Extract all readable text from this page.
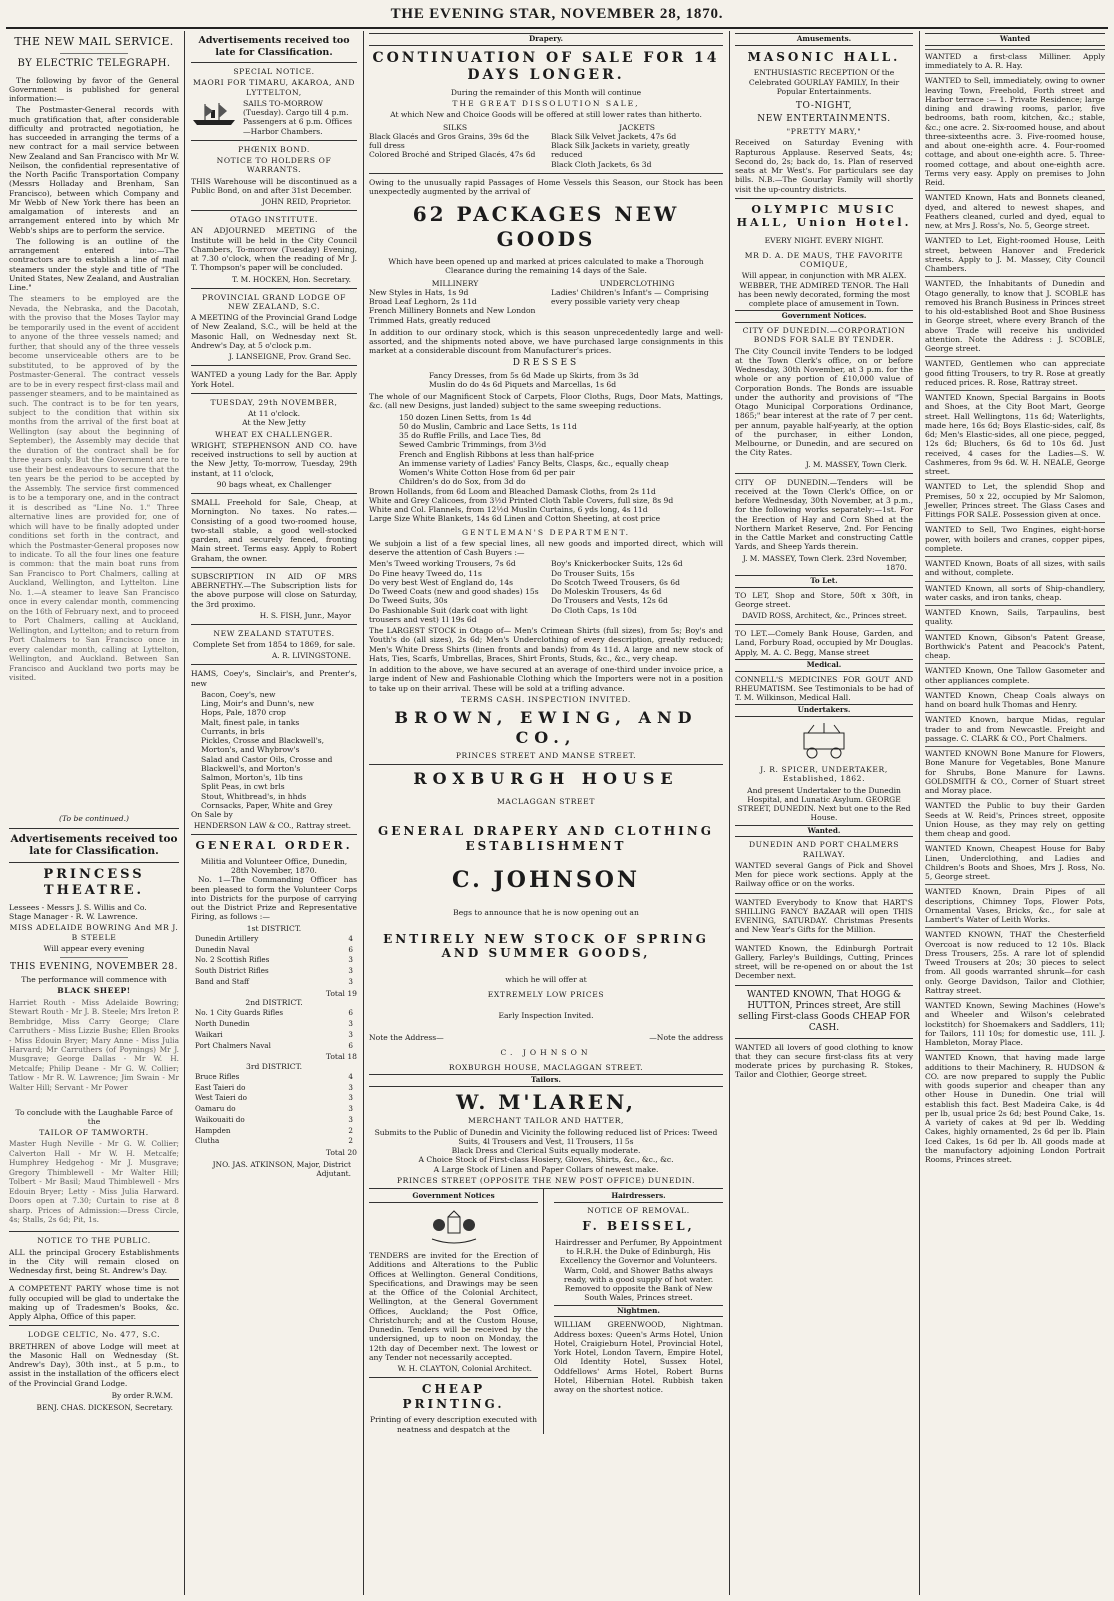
THE EVENING STAR, NOVEMBER 28, 1870.
THE NEW MAIL SERVICE.
BY ELECTRIC TELEGRAPH.

The following by favor of the General Government is published for general information:—

The Postmaster-General records with much gratification that, after considerable difficulty and protracted negotiation, he has succeeded in arranging the terms of a new contract for a mail service between New Zealand and San Francisco with Mr W. Neilson, the confidential representative of the North Pacific Transportation Company (Messrs Holladay and Brenham, San Francisco), between which Company and Mr Webb of New York there has been an amalgamation of interests and an arrangement entered into by which Mr Webb's ships are to perform the service.

The following is an outline of the arrangement entered into:—The contractors are to establish a line of mail steamers under the style and title of "The United States, New Zealand, and Australian Line."

The steamers to be employed are the Nevada, the Nebraska, and the Dacotah, with the proviso that the Moses Taylor may be temporarily used in the event of accident to anyone of the three vessels named; and further, that should any of the three vessels become unserviceable others are to be substituted, to be approved of by the Postmaster-General. The contract vessels are to be in every respect first-class mail and passenger steamers, and to be maintained as such. The contract is to be for ten years, subject to the condition that within six months from the arrival of the first boat at Wellington (say about the beginning of September), the Assembly may decide that the duration of the contract shall be for three years only. But the Government are to use their best endeavours to secure that the ten years be the period to be accepted by the Assembly. The service first commenced is to be a temporary one, and in the contract it is described as "Line No. 1." Three alternative lines are provided for, one of which will have to be finally adopted under conditions set forth in the contract, and which the Postmaster-General proposes now to indicate. To all the four lines one feature is common: that the main boat runs from San Francisco to Port Chalmers, calling at Auckland, Wellington, and Lyttelton. Line No. 1.—A steamer to leave San Francisco once in every calendar month, commencing on the 16th of February next, and to proceed to Port Chalmers, calling at Auckland, Wellington, and Lyttelton; and to return from Port Chalmers to San Francisco once in every calendar month, calling at Lyttelton, Wellington, and Auckland. Between San Francisco and Auckland two ports may be visited.
(To be continued.)
Advertisements received too late for Classification.
PRINCESS THEATRE.
Lessees - Messrs J. S. Willis and Co.
Stage Manager - R. W. Lawrence.
MISS ADELAIDE BOWRING And MR J. B STEELE
Will appear every evening
THIS EVENING, NOVEMBER 28.
The performance will commence with
BLACK SHEEP!
Harriet Routh - Miss Adelaide Bowring; Stewart Routh - Mr J. B. Steele; Mrs Ireton P. Bembridge, Miss Carry George; Clare Carruthers - Miss Lizzie Bushe; Ellen Brooks - Miss Edouin Bryer; Mary Anne - Miss Julia Harvard; Mr Carruthers (of Poynings) Mr J. Musgrave; George Dallas - Mr W. H. Metcalfe; Philip Deane - Mr G. W. Collier; Tatlow - Mr R. W. Lawrence; Jim Swain - Mr Walter Hill; Servant - Mr Power
To conclude with the Laughable Farce of the
TAILOR OF TAMWORTH.
Master Hugh Neville - Mr G. W. Collier; Calverton Hall - Mr W. H. Metcalfe; Humphrey Hedgehog - Mr J. Musgrave; Gregory Thimblewell - Mr Walter Hill; Tolbert - Mr Basil; Maud Thimblewell - Mrs Edouin Bryer; Letty - Miss Julia Harward. Doors open at 7.30; Curtain to rise at 8 sharp. Prices of Admission:—Dress Circle, 4s; Stalls, 2s 6d; Pit, 1s.
NOTICE TO THE PUBLIC.

ALL the principal Grocery Establishments in the City will remain closed on Wednesday first, being St. Andrew's Day.

A COMPETENT PARTY whose time is not fully occupied will be glad to undertake the making up of Tradesmen's Books, &c. Apply Alpha, Office of this paper.

LODGE CELTIC, No. 477, S.C.

BRETHREN of above Lodge will meet at the Masonic Hall on Wednesday (St. Andrew's Day), 30th inst., at 5 p.m., to assist in the installation of the officers elect of the Provincial Grand Lodge.

By order R.W.M.
BENJ. CHAS. DICKESON, Secretary.
Advertisements received too late for Classification.
SPECIAL NOTICE.
MAORI FOR TIMARU, AKAROA, AND LYTTELTON,
SAILS TO-MORROW (Tuesday). Cargo till 4 p.m. Passengers at 6 p.m. Offices—Harbor Chambers.
PHŒNIX BOND.
NOTICE TO HOLDERS OF WARRANTS.

THIS Warehouse will be discontinued as a Public Bond, on and after 31st December.

JOHN REID, Proprietor.
OTAGO INSTITUTE.

AN ADJOURNED MEETING of the Institute will be held in the City Council Chambers, To-morrow (Tuesday) Evening, at 7.30 o'clock, when the reading of Mr J. T. Thompson's paper will be concluded.

T. M. HOCKEN, Hon. Secretary.
PROVINCIAL GRAND LODGE OF NEW ZEALAND, S.C.

A MEETING of the Provincial Grand Lodge of New Zealand, S.C., will be held at the Masonic Hall, on Wednesday next St. Andrew's Day, at 5 o'clock p.m.

J. LANSEIGNE, Prov. Grand Sec.

WANTED a young Lady for the Bar. Apply York Hotel.

TUESDAY, 29th NOVEMBER,
At 11 o'clock.
At the New Jetty
WHEAT EX CHALLENGER.

WRIGHT, STEPHENSON AND CO. have received instructions to sell by auction at the New Jetty, To-morrow, Tuesday, 29th instant, at 11 o'clock,

90 bags wheat, ex Challenger

SMALL Freehold for Sale, Cheap, at Mornington. No taxes. No rates.—Consisting of a good two-roomed house, two-stall stable, a good well-stocked garden, and securely fenced, fronting Main street. Terms easy. Apply to Robert Graham, the owner.

SUBSCRIPTION IN AID OF MRS ABERNETHY.—The Subscription lists for the above purpose will close on Saturday, the 3rd proximo.

H. S. FISH, Junr., Mayor
NEW ZEALAND STATUTES.
Complete Set from 1854 to 1869, for sale.
A. R. LIVINGSTONE.

HAMS, Coey's, Sinclair's, and Prenter's, new

Bacon, Coey's, new
Ling, Moir's and Dunn's, new
Hops, Pale, 1870 crop
Malt, finest pale, in tanks
Currants, in brls
Pickles, Crosse and Blackwell's, Morton's, and Whybrow's
Salad and Castor Oils, Crosse and Blackwell's, and Morton's
Salmon, Morton's, 1lb tins
Split Peas, in cwt brls
Stout, Whitbread's, in hhds
Cornsacks, Paper, White and Grey
On Sale by
HENDERSON LAW & CO., Rattray street.
GENERAL ORDER.
Militia and Volunteer Office, Dunedin, 28th November, 1870.

No. 1—The Commanding Officer has been pleased to form the Volunteer Corps into Districts for the purpose of carrying out the District Prize and Representative Firing, as follows :—

1st DISTRICT.
Dunedin Artillery	4
Dunedin Naval	6
No. 2 Scottish Rifles	3
South District Rifles	3
Band and Staff	3
Total 19
2nd DISTRICT.
No. 1 City Guards Rifles	6
North Dunedin	3
Waikari	3
Port Chalmers Naval	6
Total 18
3rd DISTRICT.
Bruce Rifles	4
East Taieri do	3
West Taieri do	3
Oamaru do	3
Waikouaiti do	3
Hampden	2
Clutha	2
Total 20
JNO. JAS. ATKINSON, Major, District Adjutant.
Drapery.
CONTINUATION OF SALE FOR 14 DAYS LONGER.
During the remainder of this Month will continue
THE GREAT DISSOLUTION SALE,
At which New and Choice Goods will be offered at still lower rates than hitherto.
SILKS
Black Glacés and Gros Grains, 39s 6d the full dress
Colored Broché and Striped Glacés, 47s 6d
JACKETS
Black Silk Velvet Jackets, 47s 6d
Black Silk Jackets in variety, greatly reduced
Black Cloth Jackets, 6s 3d

Owing to the unusually rapid Passages of Home Vessels this Season, our Stock has been unexpectedly augmented by the arrival of

62 PACKAGES NEW GOODS
Which have been opened up and marked at prices calculated to make a Thorough Clearance during the remaining 14 days of the Sale.
MILLINERY
New Styles in Hats, 1s 9d
Broad Leaf Leghorn, 2s 11d
French Millinery Bonnets and New London Trimmed Hats, greatly reduced
UNDERCLOTHING
Ladies' Children's Infant's — Comprising every possible variety very cheap

In addition to our ordinary stock, which is this season unprecedentedly large and well-assorted, and the shipments noted above, we have purchased large consignments in this market at a considerable discount from Manufacturer's prices.

DRESSES
Fancy Dresses, from 5s 6d Made up Skirts, from 3s 3d
Muslin do do 4s 6d Piquets and Marcellas, 1s 6d

The whole of our Magnificent Stock of Carpets, Floor Cloths, Rugs, Door Mats, Mattings, &c. (all new Designs, just landed) subject to the same sweeping reductions.

150 dozen Linen Setts, from 1s 4d
50 do Muslin, Cambric and Lace Setts, 1s 11d
35 do Ruffle Frills, and Lace Ties, 8d
Sewed Cambric Trimmings, from 3½d
French and English Ribbons at less than half-price
An immense variety of Ladies' Fancy Belts, Clasps, &c., equally cheap
Women's White Cotton Hose from 6d per pair
Children's do do Sox, from 3d do
Brown Hollands, from 6d Loom and Bleached Damask Cloths, from 2s 11d
White and Grey Calicoes, from 3½d Printed Cloth Table Covers, full size, 8s 9d
White and Col. Flannels, from 12½d Muslin Curtains, 6 yds long, 4s 11d
Large Size White Blankets, 14s 6d Linen and Cotton Sheeting, at cost price
GENTLEMAN'S DEPARTMENT.

We subjoin a list of a few special lines, all new goods and imported direct, which will deserve the attention of Cash Buyers :—

Men's Tweed working Trousers, 7s 6d
Do Fine heavy Tweed do, 11s
Do very best West of England do, 14s
Do Tweed Coats (new and good shades) 15s
Do Tweed Suits, 30s
Do Fashionable Suit (dark coat with light trousers and vest) 1l 19s 6d
Boy's Knickerbocker Suits, 12s 6d
Do Trouser Suits, 15s
Do Scotch Tweed Trousers, 6s 6d
Do Moleskin Trousers, 4s 6d
Do Trousers and Vests, 12s 6d
Do Cloth Caps, 1s 10d

The LARGEST STOCK in Otago of— Men's Crimean Shirts (full sizes), from 5s; Boy's and Youth's do (all sizes), 2s 6d; Men's Underclothing of every description, greatly reduced; Men's White Dress Shirts (linen fronts and bands) from 4s 11d. A large and new stock of Hats, Ties, Scarfs, Umbrellas, Braces, Shirt Fronts, Studs, &c., &c., very cheap.

In addition to the above, we have secured at an average of one-third under invoice price, a large indent of New and Fashionable Clothing which the Importers were not in a position to take up on their arrival. These will be sold at a trifling advance.

TERMS CASH. INSPECTION INVITED.
BROWN, EWING, AND CO.,
PRINCES STREET AND MANSE STREET.
ROXBURGH HOUSE
MACLAGGAN STREET
GENERAL DRAPERY AND CLOTHING ESTABLISHMENT
C. JOHNSON
Begs to announce that he is now opening out an
ENTIRELY NEW STOCK OF SPRING AND SUMMER GOODS,
which he will offer at
EXTREMELY LOW PRICES
Early Inspection Invited.
Note the Address—	—Note the address
C. JOHNSON
ROXBURGH HOUSE, MACLAGGAN STREET.
Tailors.
W. M'LAREN,
MERCHANT TAILOR AND HATTER,
Submits to the Public of Dunedin and Vicinity the following reduced list of Prices: Tweed Suits, 4l Trousers and Vest, 1l Trousers, 1l 5s
Black Dress and Clerical Suits equally moderate.
A Choice Stock of First-class Hosiery, Gloves, Shirts, &c., &c., &c.
A Large Stock of Linen and Paper Collars of newest make.
PRINCES STREET (OPPOSITE THE NEW POST OFFICE) DUNEDIN.
Government Notices

TENDERS are invited for the Erection of Additions and Alterations to the Public Offices at Wellington. General Conditions, Specifications, and Drawings may be seen at the Office of the Colonial Architect, Wellington, at the General Government Offices, Auckland; the Post Office, Christchurch; and at the Custom House, Dunedin. Tenders will be received by the undersigned, up to noon on Monday, the 12th day of December next. The lowest or any Tender not necessarily accepted.

W. H. CLAYTON, Colonial Architect.
CHEAP PRINTING.
Printing of every description executed with neatness and despatch at the
Hairdressers.
NOTICE OF REMOVAL.
F. BEISSEL,
Hairdresser and Perfumer, By Appointment to H.R.H. the Duke of Edinburgh, His Excellency the Governor and Volunteers. Warm, Cold, and Shower Baths always ready, with a good supply of hot water. Removed to opposite the Bank of New South Wales, Princes street.
Nightmen.

WILLIAM GREENWOOD, Nightman. Address boxes: Queen's Arms Hotel, Union Hotel, Craigieburn Hotel, Provincial Hotel, York Hotel, London Tavern, Empire Hotel, Old Identity Hotel, Sussex Hotel, Oddfellows' Arms Hotel, Robert Burns Hotel, Hibernian Hotel. Rubbish taken away on the shortest notice.

Amusements.
MASONIC HALL.
ENTHUSIASTIC RECEPTION Of the Celebrated GOURLAY FAMILY, In their Popular Entertainments.
TO-NIGHT,
NEW ENTERTAINMENTS.
"PRETTY MARY,"

Received on Saturday Evening with Rapturous Applause. Reserved Seats, 4s; Second do, 2s; back do, 1s. Plan of reserved seats at Mr West's. For particulars see day bills. N.B.—The Gourlay Family will shortly visit the up-country districts.

OLYMPIC MUSIC HALL, Union Hotel.
EVERY NIGHT. EVERY NIGHT.
MR D. A. DE MAUS, THE FAVORITE COMIQUE,
Will appear, in conjunction with MR ALEX. WEBBER, THE ADMIRED TENOR. The Hall has been newly decorated, forming the most complete place of amusement in Town.
Government Notices.
CITY OF DUNEDIN.—CORPORATION BONDS FOR SALE BY TENDER.

The City Council invite Tenders to be lodged at the Town Clerk's office, on or before Wednesday, 30th November, at 3 p.m. for the whole or any portion of £10,000 value of Corporation Bonds. The Bonds are issuable under the authority and provisions of "The Otago Municipal Corporations Ordinance, 1865;" bear interest at the rate of 7 per cent. per annum, payable half-yearly, at the option of the purchaser, in either London, Melbourne, or Dunedin, and are secured on the City Rates.

J. M. MASSEY, Town Clerk.

CITY OF DUNEDIN.—Tenders will be received at the Town Clerk's Office, on or before Wednesday, 30th November, at 3 p.m., for the following works separately:—1st. For the Erection of Hay and Corn Shed at the Northern Market Reserve, 2nd. For Fencing in the Cattle Market and constructing Cattle Yards, and Sheep Yards therein.

J. M. MASSEY, Town Clerk. 23rd November, 1870.
To Let.

TO LET, Shop and Store, 50ft x 30ft, in George street.

DAVID ROSS, Architect, &c., Princes street.

TO LET.—Comely Bank House, Garden, and Land, Forbury Road, occupied by Mr Douglas. Apply, M. A. C. Begg, Manse street

Medical.

CONNELL'S MEDICINES FOR GOUT AND RHEUMATISM. See Testimonials to be had of T. M. Wilkinson, Medical Hall.

Undertakers.
J. R. SPICER, UNDERTAKER, Established, 1862.
And present Undertaker to the Dunedin Hospital, and Lunatic Asylum. GEORGE STREET, DUNEDIN. Next but one to the Red House.
Wanted.
DUNEDIN AND PORT CHALMERS RAILWAY.

WANTED several Gangs of Pick and Shovel Men for piece work sections. Apply at the Railway office or on the works.

WANTED Everybody to Know that HART'S SHILLING FANCY BAZAAR will open THIS EVENING, SATURDAY. Christmas Presents and New Year's Gifts for the Million.

WANTED Known, the Edinburgh Portrait Gallery, Farley's Buildings, Cutting, Princes street, will be re-opened on or about the 1st December next.

WANTED KNOWN, That HOGG & HUTTON, Princes street, Are still selling First-class Goods CHEAP FOR CASH.

WANTED all lovers of good clothing to know that they can secure first-class fits at very moderate prices by purchasing R. Stokes, Tailor and Clothier, George street.

Wanted

WANTED a first-class Milliner. Apply immediately to A. R. Hay.

WANTED to Sell, immediately, owing to owner leaving Town, Freehold, Forth street and Harbor terrace :— 1. Private Residence; large dining and drawing rooms, parlor, five bedrooms, bath room, kitchen, &c.; stable, &c.; one acre. 2. Six-roomed house, and about three-sixteenths acre. 3. Five-roomed house, and about one-eighth acre. 4. Four-roomed cottage, and about one-eighth acre. 5. Three-roomed cottage, and about one-eighth acre. Terms very easy. Apply on premises to John Reid.

WANTED Known, Hats and Bonnets cleaned, dyed, and altered to newest shapes, and Feathers cleaned, curled and dyed, equal to new, at Mrs J. Ross's, No. 5, George street.

WANTED to Let, Eight-roomed House, Leith street, between Hanover and Frederick streets. Apply to J. M. Massey, City Council Chambers.

WANTED, the Inhabitants of Dunedin and Otago generally, to know that J. SCOBLE has removed his Branch Business in Princes street to his old-established Boot and Shoe Business in George street, where every Branch of the above Trade will receive his undivided attention. Note the Address : J. SCOBLE, George street.

WANTED, Gentlemen who can appreciate good fitting Trousers, to try R. Rose at greatly reduced prices. R. Rose, Rattray street.

WANTED Known, Special Bargains in Boots and Shoes, at the City Boot Mart, George street. Hall Wellingtons, 11s 6d; Waterlights, made here, 16s 6d; Boys Elastic-sides, calf, 8s 6d; Men's Elastic-sides, all one piece, pegged, 12s 6d; Bluchers, 6s 6d to 10s 6d. Just received, 4 cases for the Ladies—S. W. Cashmeres, from 9s 6d. W. H. NEALE, George street.

WANTED to Let, the splendid Shop and Premises, 50 x 22, occupied by Mr Salomon, Jeweller, Princes street. The Glass Cases and Fittings FOR SALE. Possession given at once.

WANTED to Sell, Two Engines, eight-horse power, with boilers and cranes, copper pipes, complete.

WANTED Known, Boats of all sizes, with sails and without, complete.

WANTED Known, all sorts of Ship-chandlery, water casks, and iron tanks, cheap.

WANTED Known, Sails, Tarpaulins, best quality.

WANTED Known, Gibson's Patent Grease, Borthwick's Patent and Peacock's Patent, cheap.

WANTED Known, One Tallow Gasometer and other appliances complete.

WANTED Known, Cheap Coals always on hand on board hulk Thomas and Henry.

WANTED Known, barque Midas, regular trader to and from Newcastle. Freight and passage. C. CLARK & CO., Port Chalmers.

WANTED KNOWN Bone Manure for Flowers, Bone Manure for Vegetables, Bone Manure for Shrubs, Bone Manure for Lawns. GOLDSMITH & CO., Corner of Stuart street and Moray place.

WANTED the Public to buy their Garden Seeds at W. Reid's, Princes street, opposite Union House, as they may rely on getting them cheap and good.

WANTED Known, Cheapest House for Baby Linen, Underclothing, and Ladies and Children's Boots and Shoes, Mrs J. Ross, No. 5, George street.

WANTED Known, Drain Pipes of all descriptions, Chimney Tops, Flower Pots, Ornamental Vases, Bricks, &c., for sale at Lambert's Water of Leith Works.

WANTED KNOWN, THAT the Chesterfield Overcoat is now reduced to 12 10s. Black Dress Trousers, 25s. A rare lot of splendid Tweed Trousers at 20s; 30 pieces to select from. All goods warranted shrunk—for cash only. George Davidson, Tailor and Clothier, Rattray street.

WANTED Known, Sewing Machines (Howe's and Wheeler and Wilson's celebrated lockstitch) for Shoemakers and Saddlers, 11l; for Tailors, 11l 10s; for domestic use, 11l. J. Hambleton, Moray Place.

WANTED Known, that having made large additions to their Machinery, R. HUDSON & CO. are now prepared to supply the Public with goods superior and cheaper than any other House in Dunedin. One trial will establish this fact. Best Madeira Cake, is 4d per lb, usual price 2s 6d; best Pound Cake, 1s. A variety of cakes at 9d per lb. Wedding Cakes, highly ornamented, 2s 6d per lb. Plain Iced Cakes, 1s 6d per lb. All goods made at the manufactory adjoining London Portrait Rooms, Princes street.
